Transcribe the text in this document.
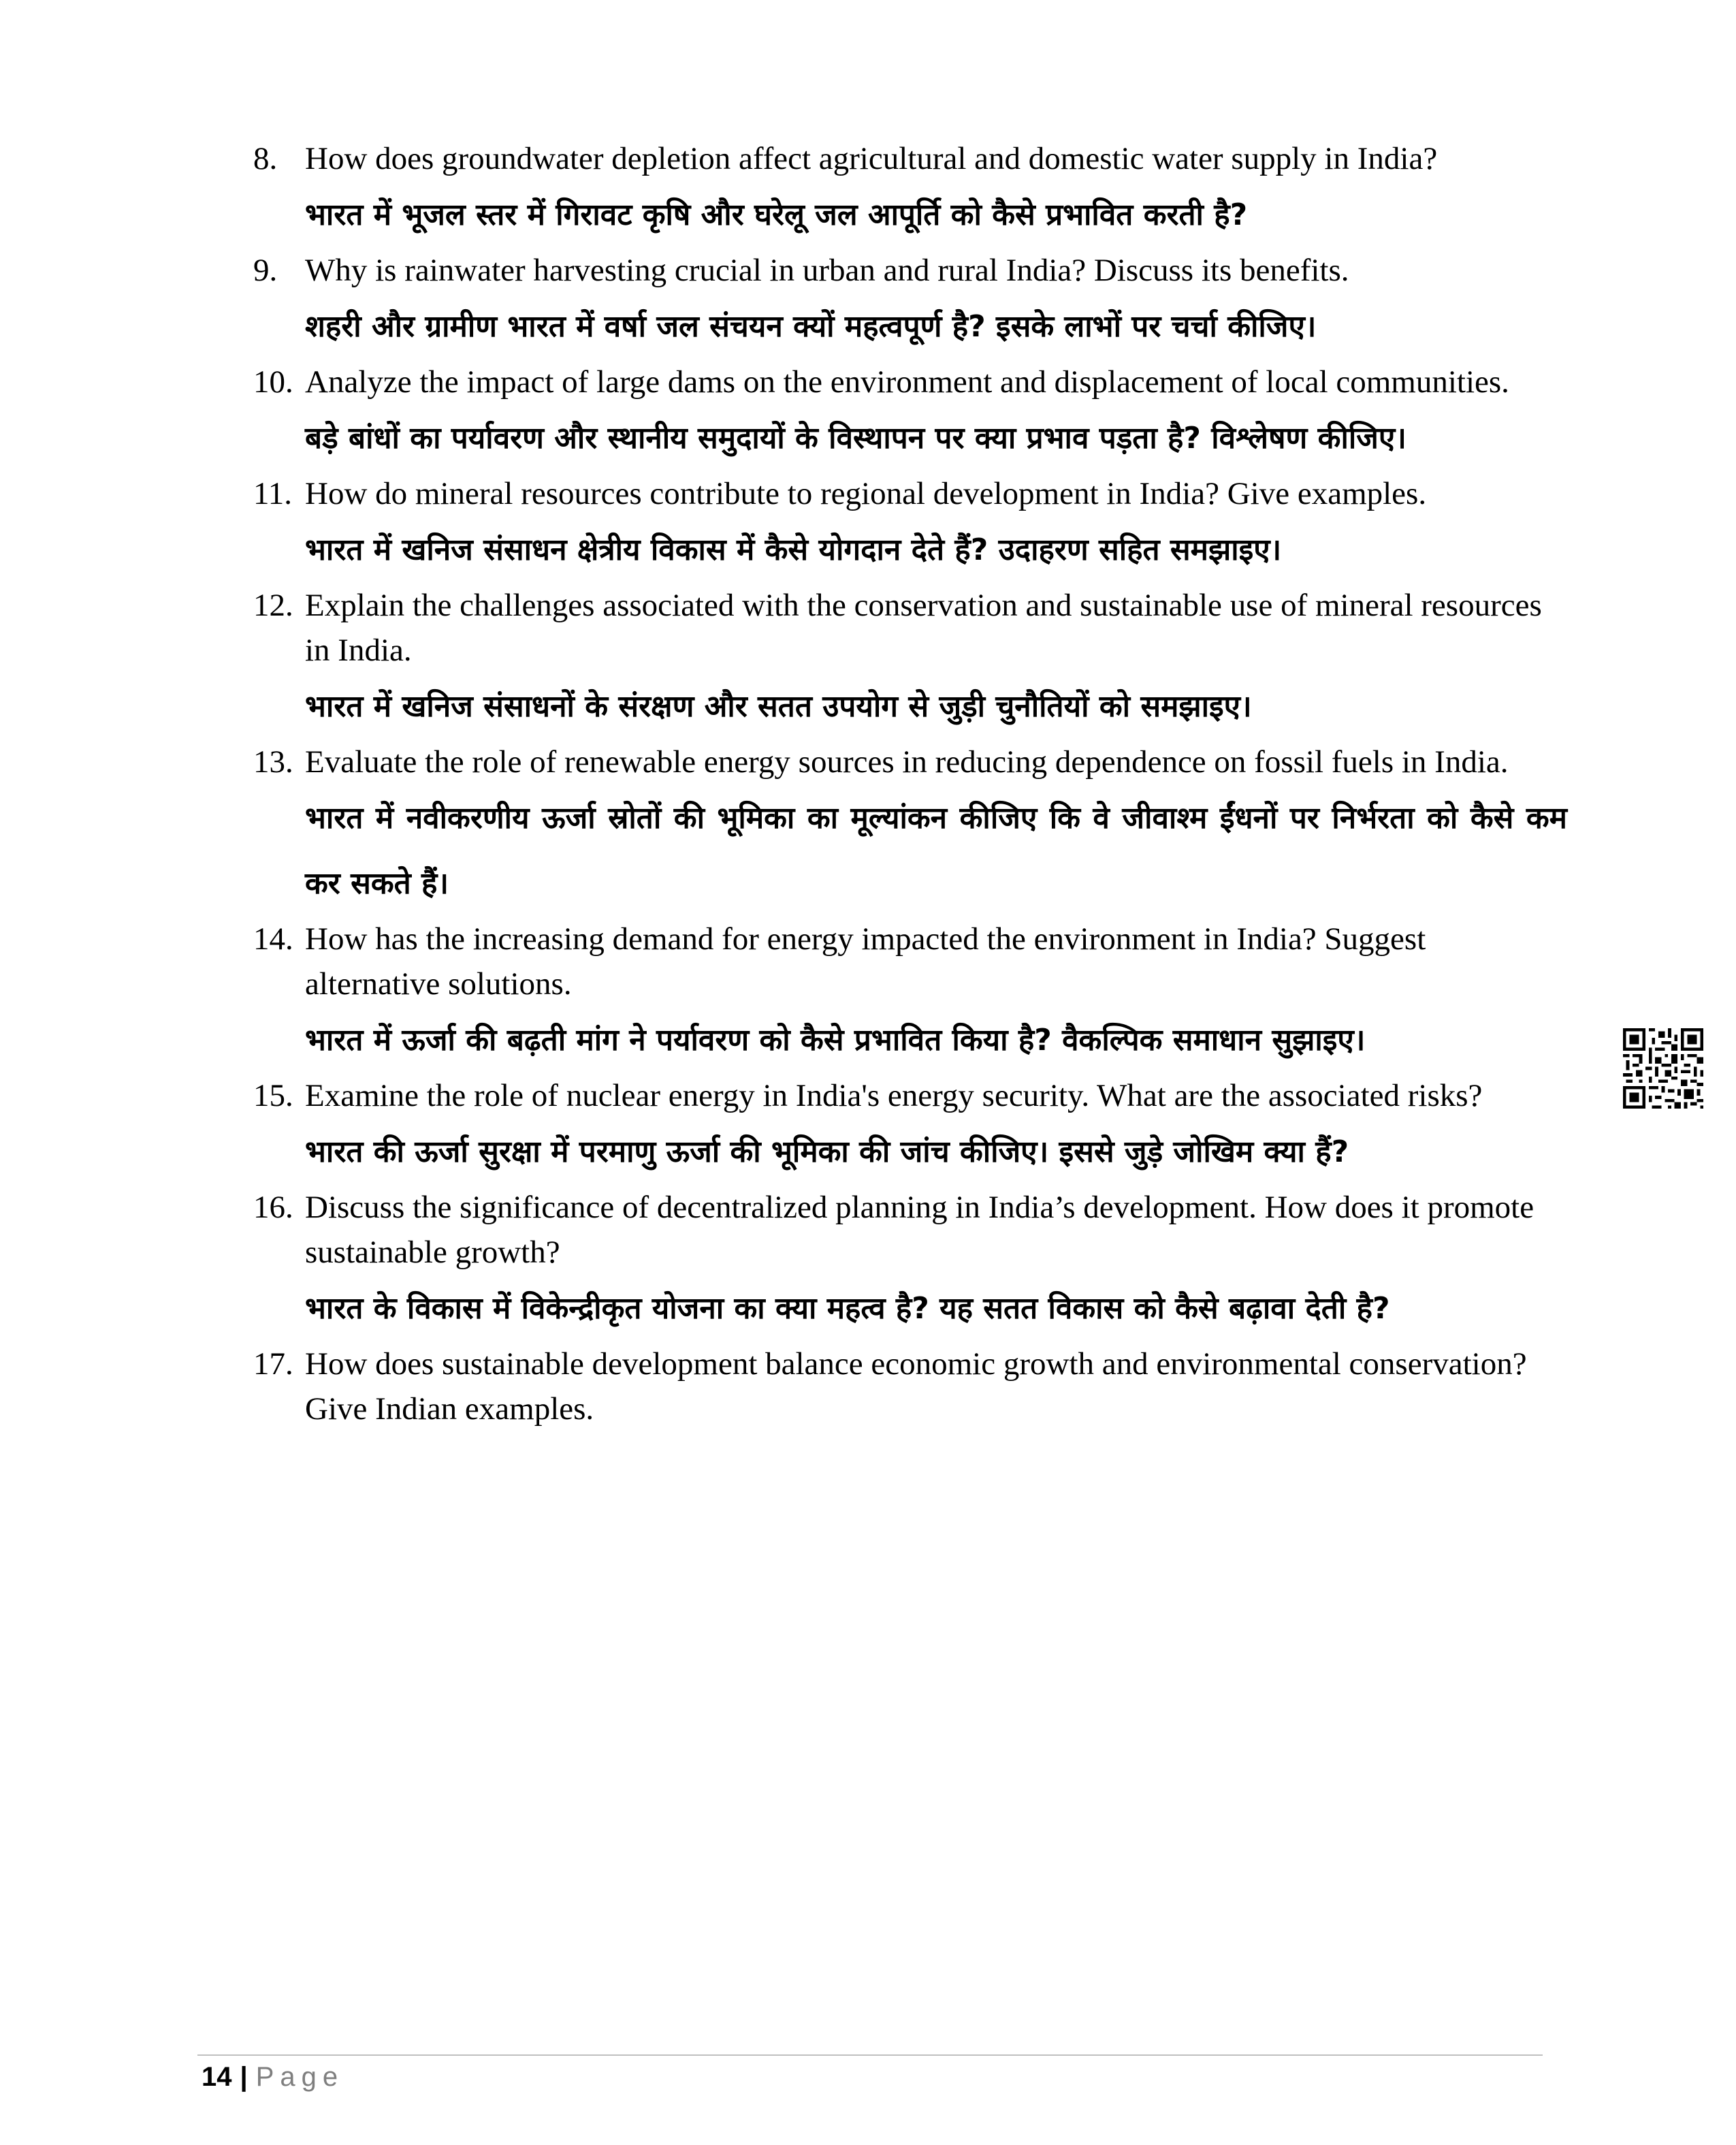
8. How does groundwater depletion affect agricultural and domestic water supply in India?
भारत में भूजल स्तर में गिरावट कृषि और घरेलू जल आपूर्ति को कैसे प्रभावित करती है?
9. Why is rainwater harvesting crucial in urban and rural India? Discuss its benefits.
शहरी और ग्रामीण भारत में वर्षा जल संचयन क्यों महत्वपूर्ण है? इसके लाभों पर चर्चा कीजिए।
10. Analyze the impact of large dams on the environment and displacement of local communities.
बड़े बांधों का पर्यावरण और स्थानीय समुदायों के विस्थापन पर क्या प्रभाव पड़ता है? विश्लेषण कीजिए।
11. How do mineral resources contribute to regional development in India? Give examples.
भारत में खनिज संसाधन क्षेत्रीय विकास में कैसे योगदान देते हैं? उदाहरण सहित समझाइए।
12. Explain the challenges associated with the conservation and sustainable use of mineral resources in India.
भारत में खनिज संसाधनों के संरक्षण और सतत उपयोग से जुड़ी चुनौतियों को समझाइए।
13. Evaluate the role of renewable energy sources in reducing dependence on fossil fuels in India.
भारत में नवीकरणीय ऊर्जा स्रोतों की भूमिका का मूल्यांकन कीजिए कि वे जीवाश्म ईंधनों पर निर्भरता को कैसे कम कर सकते हैं।
14. How has the increasing demand for energy impacted the environment in India? Suggest alternative solutions.
भारत में ऊर्जा की बढ़ती मांग ने पर्यावरण को कैसे प्रभावित किया है? वैकल्पिक समाधान सुझाइए।
15. Examine the role of nuclear energy in India's energy security. What are the associated risks?
भारत की ऊर्जा सुरक्षा में परमाणु ऊर्जा की भूमिका की जांच कीजिए। इससे जुड़े जोखिम क्या हैं?
16. Discuss the significance of decentralized planning in India’s development. How does it promote sustainable growth?
भारत के विकास में विकेन्द्रीकृत योजना का क्या महत्व है? यह सतत विकास को कैसे बढ़ावा देती है?
17. How does sustainable development balance economic growth and environmental conservation? Give Indian examples.
14 | Page
